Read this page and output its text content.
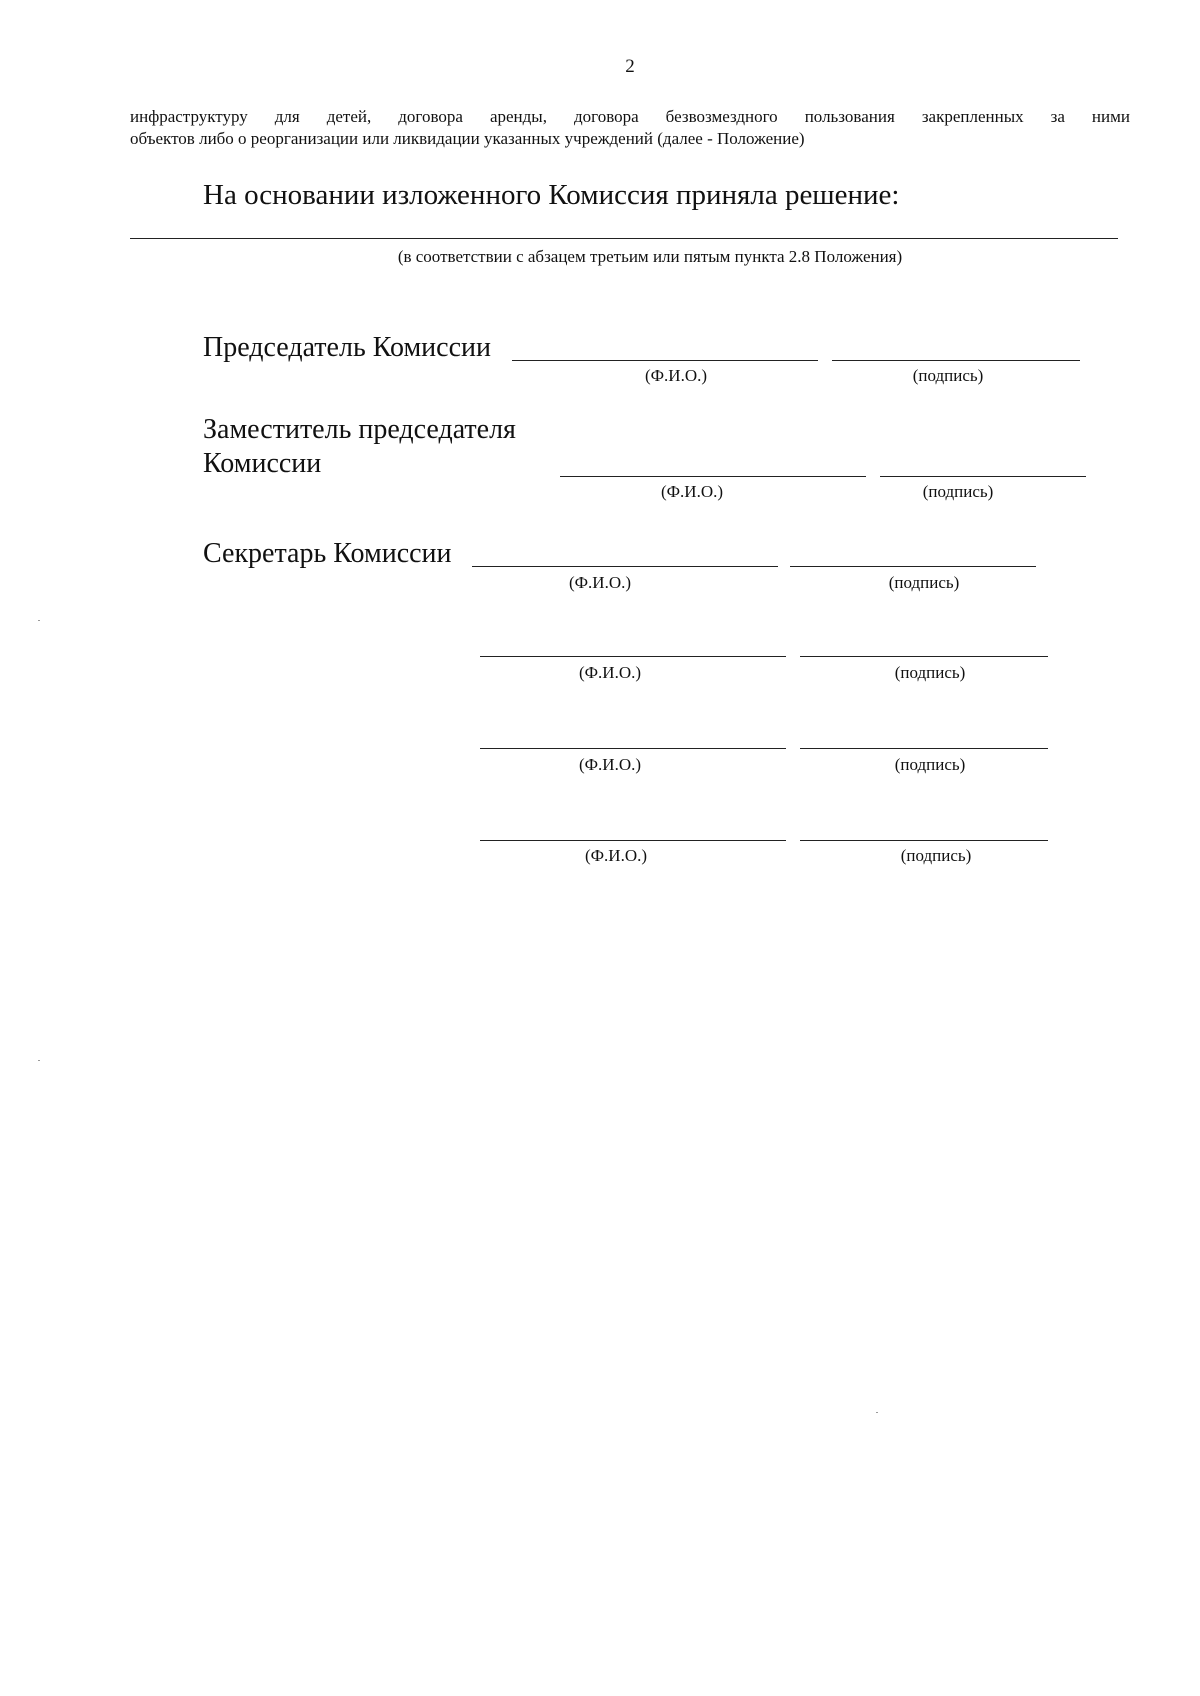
2
инфраструктуру для детей, договора аренды, договора безвозмездного пользования закрепленных за ними
объектов либо о реорганизации или ликвидации указанных учреждений (далее - Положение)
На основании изложенного Комиссия приняла решение:
(в соответствии с абзацем третьим или пятым пункта 2.8 Положения)
Председатель Комиссии
(Ф.И.О.)	(подпись)
Заместитель председателя
Комиссии
(Ф.И.О.)	(подпись)
Секретарь Комиссии
(Ф.И.О.)	(подпись)
(Ф.И.О.)	(подпись)
(Ф.И.О.)	(подпись)
(Ф.И.О.)	(подпись)
